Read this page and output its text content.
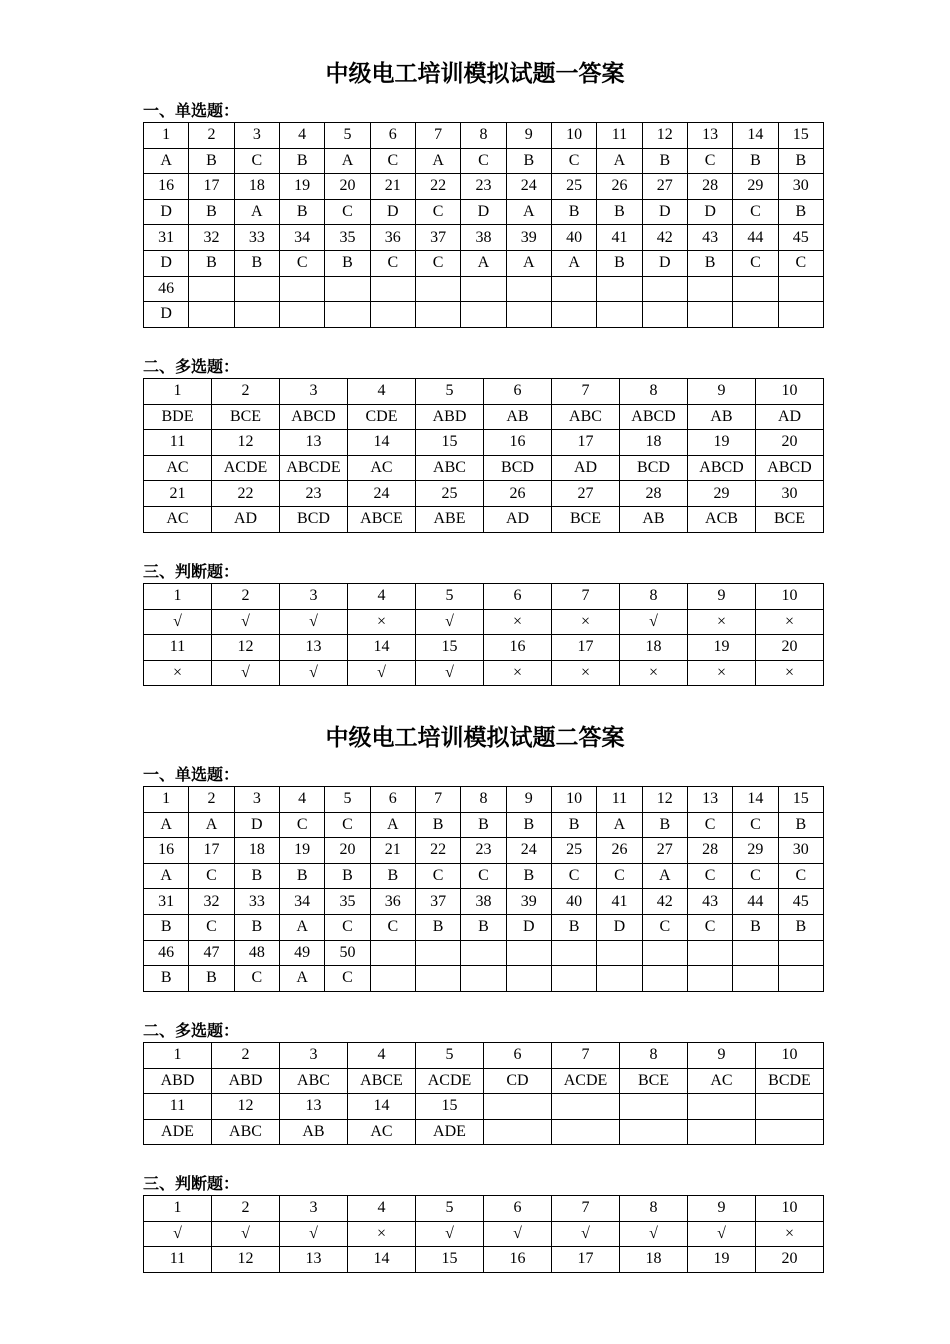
中级电工培训模拟试题一答案
一、单选题：
1	2	3	4	5	6	7	8	9	10	11	12	13	14	15
A	B	C	B	A	C	A	C	B	C	A	B	C	B	B
16	17	18	19	20	21	22	23	24	25	26	27	28	29	30
D	B	A	B	C	D	C	D	A	B	B	D	D	C	B
31	32	33	34	35	36	37	38	39	40	41	42	43	44	45
D	B	B	C	B	C	C	A	A	A	B	D	B	C	C
46														
D														
二、多选题：
1	2	3	4	5	6	7	8	9	10
BDE	BCE	ABCD	CDE	ABD	AB	ABC	ABCD	AB	AD
11	12	13	14	15	16	17	18	19	20
AC	ACDE	ABCDE	AC	ABC	BCD	AD	BCD	ABCD	ABCD
21	22	23	24	25	26	27	28	29	30
AC	AD	BCD	ABCE	ABE	AD	BCE	AB	ACB	BCE
三、判断题：
1	2	3	4	5	6	7	8	9	10
√	√	√	×	√	×	×	√	×	×
11	12	13	14	15	16	17	18	19	20
×	√	√	√	√	×	×	×	×	×
中级电工培训模拟试题二答案
一、单选题：
1	2	3	4	5	6	7	8	9	10	11	12	13	14	15
A	A	D	C	C	A	B	B	B	B	A	B	C	C	B
16	17	18	19	20	21	22	23	24	25	26	27	28	29	30
A	C	B	B	B	B	C	C	B	C	C	A	C	C	C
31	32	33	34	35	36	37	38	39	40	41	42	43	44	45
B	C	B	A	C	C	B	B	D	B	D	C	C	B	B
46	47	48	49	50										
B	B	C	A	C										
二、多选题：
1	2	3	4	5	6	7	8	9	10
ABD	ABD	ABC	ABCE	ACDE	CD	ACDE	BCE	AC	BCDE
11	12	13	14	15					
ADE	ABC	AB	AC	ADE					
三、判断题：
1	2	3	4	5	6	7	8	9	10
√	√	√	×	√	√	√	√	√	×
11	12	13	14	15	16	17	18	19	20
